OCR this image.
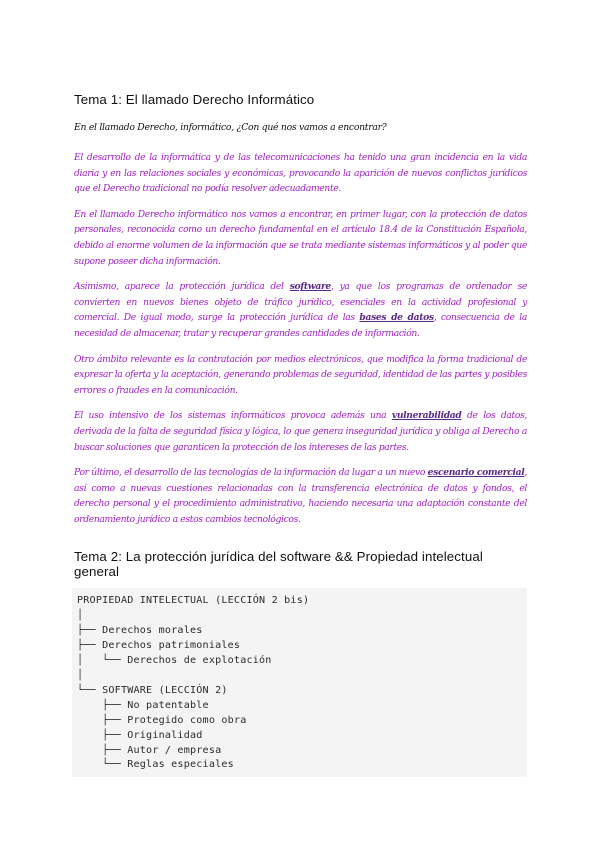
Tema 1: El llamado Derecho Informático

En el llamado Derecho, informático, ¿Con qué nos vamos a encontrar?

El desarrollo de la informática y de las telecomunicaciones ha tenido una gran incidencia en la vida diaria y en las relaciones sociales y económicas, provocando la aparición de nuevos conflictos jurídicos que el Derecho tradicional no podía resolver adecuadamente.

En el llamado Derecho informático nos vamos a encontrar, en primer lugar, con la protección de datos personales, reconocida como un derecho fundamental en el artículo 18.4 de la Constitución Española, debido al enorme volumen de la información que se trata mediante sistemas informáticos y al poder que supone poseer dicha información.

Asimismo, aparece la protección jurídica del software, ya que los programas de ordenador se convierten en nuevos bienes objeto de tráfico jurídico, esenciales en la actividad profesional y comercial. De igual modo, surge la protección jurídica de las bases de datos, consecuencia de la necesidad de almacenar, tratar y recuperar grandes cantidades de información.

Otro ámbito relevante es la contratación por medios electrónicos, que modifica la forma tradicional de expresar la oferta y la aceptación, generando problemas de seguridad, identidad de las partes y posibles errores o fraudes en la comunicación.

El uso intensivo de los sistemas informáticos provoca además una vulnerabilidad de los datos, derivada de la falta de seguridad física y lógica, lo que genera inseguridad jurídica y obliga al Derecho a buscar soluciones que garanticen la protección de los intereses de las partes.

Por último, el desarrollo de las tecnologías de la información da lugar a un nuevo escenario comercial, así como a nuevas cuestiones relacionadas con la transferencia electrónica de datos y fondos, el derecho personal y el procedimiento administrativo, haciendo necesaria una adaptación constante del ordenamiento jurídico a estos cambios tecnológicos.

Tema 2: La protección jurídica del software && Propiedad intelectual general
PROPIEDAD INTELECTUAL (LECCIÓN 2 bis)
│
├── Derechos morales
├── Derechos patrimoniales
│   └── Derechos de explotación
│
└── SOFTWARE (LECCIÓN 2)
├── No patentable
├── Protegido como obra
├── Originalidad
├── Autor / empresa
└── Reglas especiales
